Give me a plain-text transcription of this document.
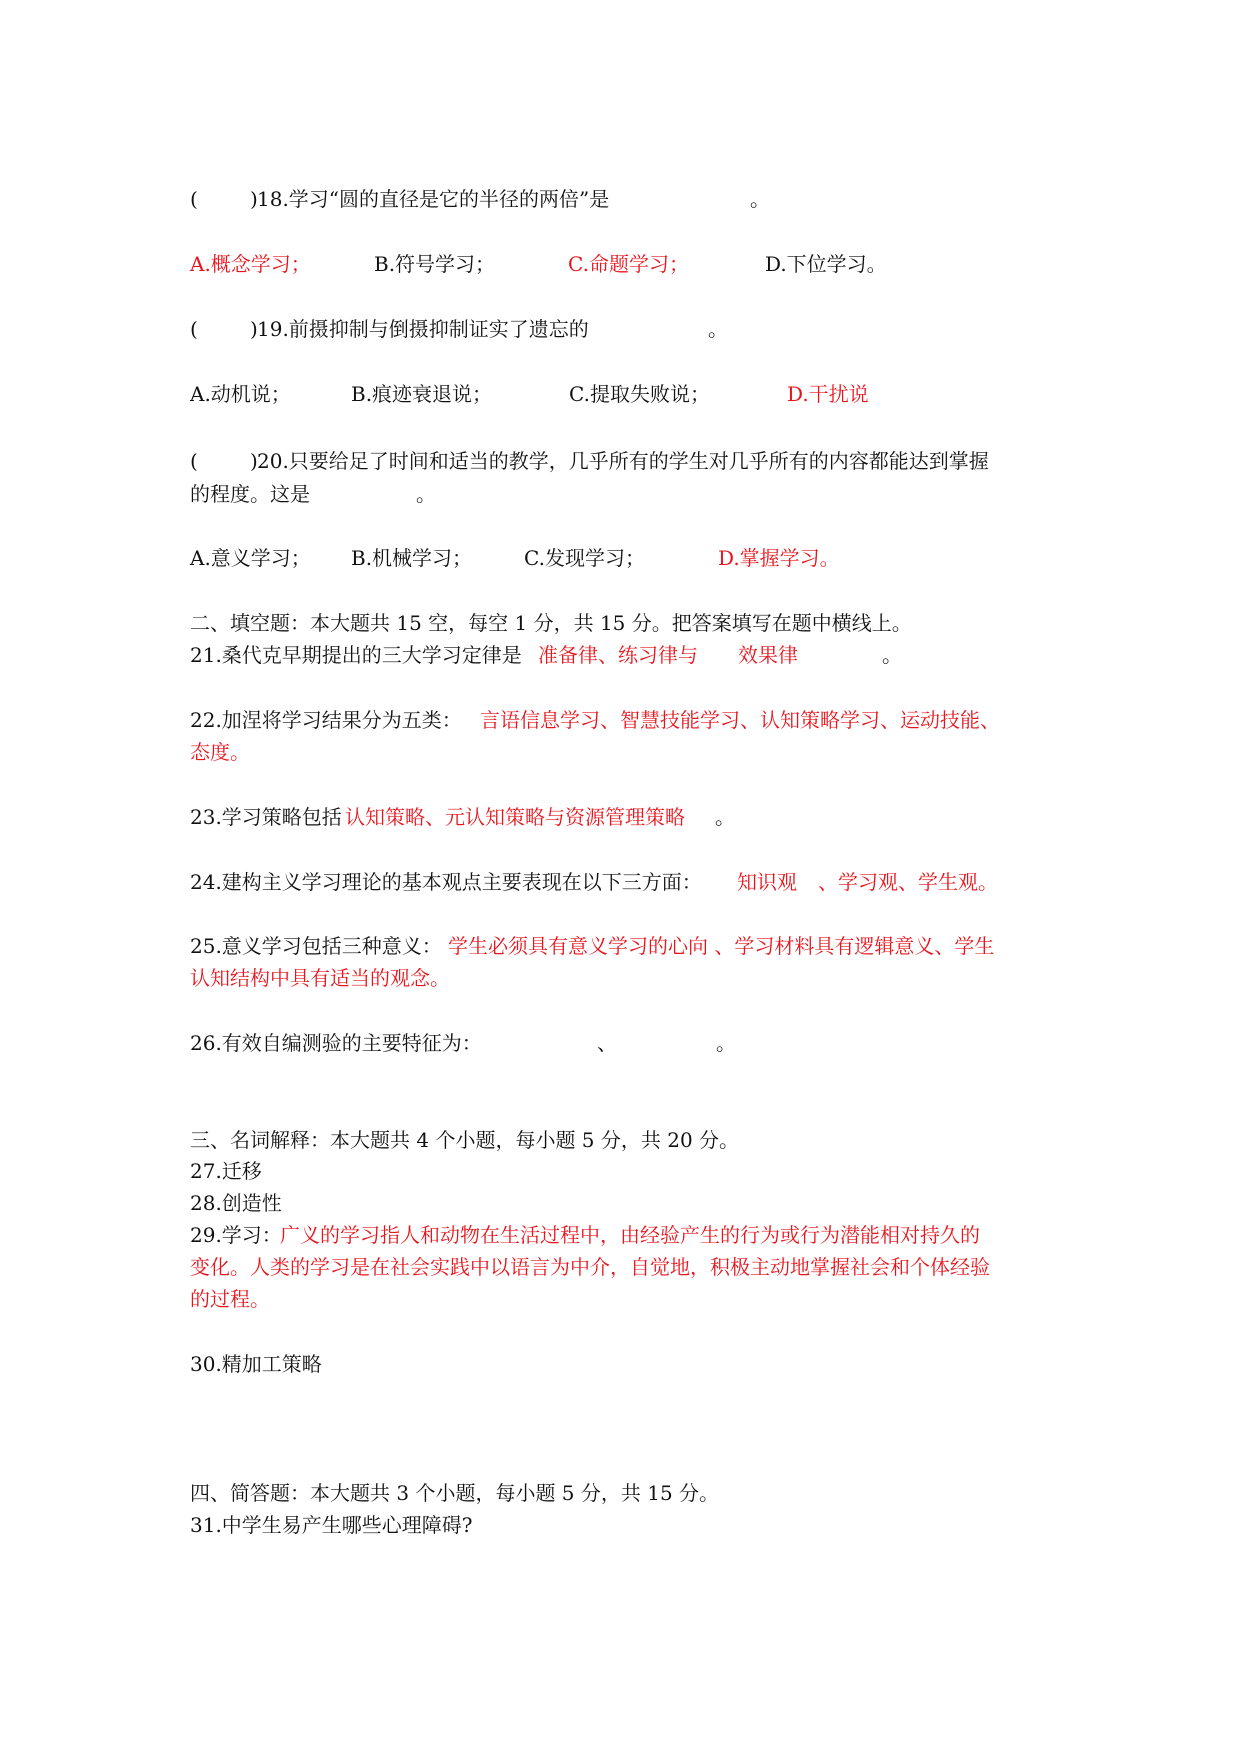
(	) 18.学习“圆的直径是它的半径的两倍”是	。
A.概念学习；	B.符号学习；	C.命题学习；	D.下位学习。
(	) 19.前摄抑制与倒摄抑制证实了遗忘的	。
A.动机说；	B.痕迹衰退说；	C.提取失败说；	D.干扰说
(	) 20.只要给足了时间和适当的教学，几乎所有的学生对几乎所有的内容都能达到掌握
的程度。这是	。
A.意义学习； B.机械学习；	C.发现学习；	D.掌握学习。
二、填空题：本大题共 15 空，每空 1 分，共 15 分。把答案填写在题中横线上。
21.桑代克早期提出的三大学习定律是 准备律、练习律与 效果律	。
22.加涅将学习结果分为五类： 言语信息学习、智慧技能学习、认知策略学习、运动技能、
态度。
23.学习策略包括 认知策略、元认知策略与资源管理策略 。
24.建构主义学习理论的基本观点主要表现在以下三方面： 知识观 、学习观、学生观。
25.意义学习包括三种意义： 学生必须具有意义学习的心向 、学习材料具有逻辑意义、学生
认知结构中具有适当的观念。
26.有效自编测验的主要特征为：	、	。
三、名词解释：本大题共 4 个小题，每小题 5 分，共 20 分。
27.迁移
28.创造性
29.学习：
广义的学习指人和动物在生活过程中，由经验产生的行为或行为潜能相对持久的
变化。人类的学习是在社会实践中以语言为中介，自觉地，积极主动地掌握社会和个体经验
的过程。
30.精加工策略
四、简答题：本大题共 3 个小题，每小题 5 分，共 15 分。
31.中学生易产生哪些心理障碍?
